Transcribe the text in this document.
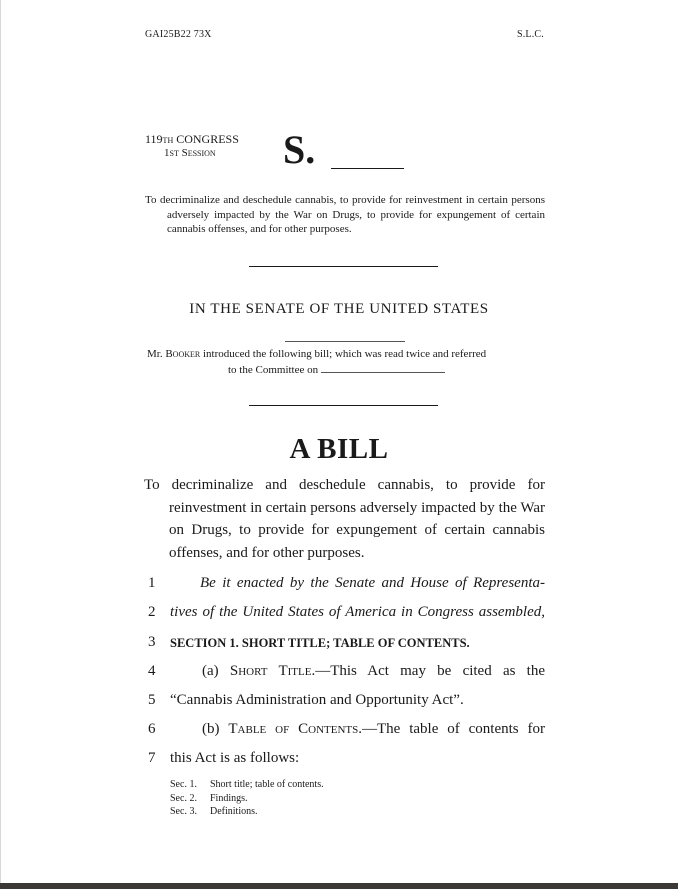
GAI25B22 73X	S.L.C.
119th CONGRESS
1st Session S.
To decriminalize and deschedule cannabis, to provide for reinvestment in certain persons adversely impacted by the War on Drugs, to provide for expungement of certain cannabis offenses, and for other purposes.
IN THE SENATE OF THE UNITED STATES
Mr. Booker introduced the following bill; which was read twice and referred
to the Committee on
A BILL
To decriminalize and deschedule cannabis, to provide for reinvestment in certain persons adversely impacted by the War on Drugs, to provide for expungement of certain cannabis offenses, and for other purposes.
1	Be it enacted by the Senate and House of Representa-
2 tives of the United States of America in Congress assembled,
3	SECTION 1. SHORT TITLE; TABLE OF CONTENTS.
4	(a) Short Title.—This Act may be cited as the
5 “Cannabis Administration and Opportunity Act”.
6	(b) Table of Contents.—The table of contents for
7 this Act is as follows:
Sec. 1. Short title; table of contents.
Sec. 2. Findings.
Sec. 3. Definitions.
